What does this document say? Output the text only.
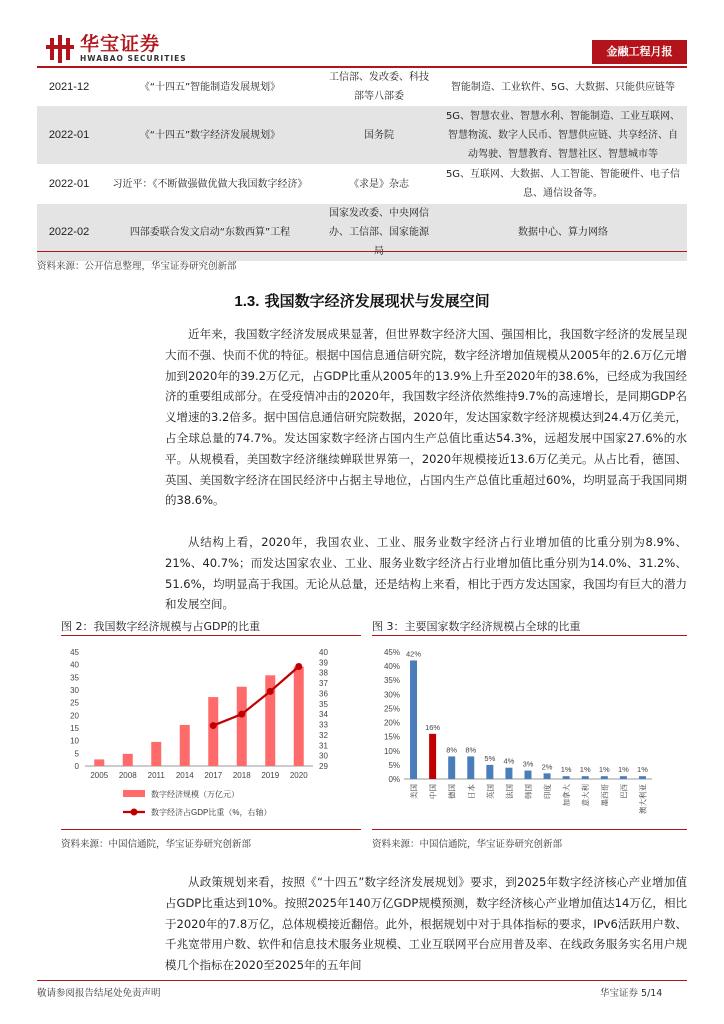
华宝证券
HWABAO SECURITIES
金融工程月报
2021-12	《“十四五”智能制造发展规划》	工信部、发改委、科技部等八部委	智能制造、工业软件、5G、大数据、只能供应链等
2022-01	《“十四五”数字经济发展规划》	国务院	5G、智慧农业、智慧水利、智能制造、工业互联网、智慧物流、数字人民币、智慧供应链、共享经济、自动驾驶、智慧教育、智慧社区、智慧城市等
2022-01	习近平：《不断做强做优做大我国数字经济》	《求是》杂志	5G、互联网、大数据、人工智能、智能硬件、电子信息、通信设备等。
2022-02	四部委联合发文启动“东数西算”工程	国家发改委、中央网信办、工信部、国家能源	数据中心、算力网络
资料来源：公开信息整理，华宝证券研究创新部
1.3. 我国数字经济发展现状与发展空间

近年来，我国数字经济发展成果显著，但世界数字经济大国、强国相比，我国数字经济的发展呈现大而不强、快而不优的特征。根据中国信息通信研究院，数字经济增加值规模从2005年的2.6万亿元增加到2020年的39.2万亿元，占GDP比重从2005年的13.9%上升至2020年的38.6%，已经成为我国经济的重要组成部分。在受疫情冲击的2020年，我国数字经济依然维持9.7%的高速增长，是同期GDP名义增速的3.2倍多。据中国信息通信研究院数据，2020年，发达国家数字经济规模达到24.4万亿美元，占全球总量的74.7%。发达国家数字经济占国内生产总值比重达54.3%，远超发展中国家27.6%的水平。从规模看，美国数字经济继续蝉联世界第一，2020年规模接近13.6万亿美元。从占比看，德国、英国、美国数字经济在国民经济中占据主导地位，占国内生产总值比重超过60%，均明显高于我国同期的38.6%。

从结构上看，2020年，我国农业、工业、服务业数字经济占行业增加值的比重分别为8.9%、21%、40.7%；而发达国家农业、工业、服务业数字经济占行业增加值比重分别为14.0%、31.2%、51.6%，均明显高于我国。无论从总量，还是结构上来看，相比于西方发达国家，我国均有巨大的潜力和发展空间。

图 2：我国数字经济规模与占GDP的比重	图 3：主要国家数字经济规模占全球的比重
0
5
10
15
20
25
30
35
40
45
29
30
31
32
33
34
35
36
37
38
39
40
2005 2008 2011 2014 2017 2018 2019 2020
数字经济规模（万亿元）
数字经济占GDP比重（%，右轴）
0%
5%
10%
15%
20%
25%
30%
35%
40%
45% 42%
美国
16%
中国
8%
德国
8%
日本
5%
英国
4%
法国
3%
韩国
2%
印度
1%
加拿大
1%
意大利
1%
墨西哥
1%
巴西
1%
澳大利亚
资料来源：中国信通院，华宝证券研究创新部	资料来源：中国信通院，华宝证券研究创新部

从政策规划来看，按照《“十四五”数字经济发展规划》要求，到2025年数字经济核心产业增加值占GDP比重达到10%。按照2025年140万亿GDP规模预测，数字经济核心产业增加值达14万亿，相比于2020年的7.8万亿，总体规模接近翻倍。此外，根据规划中对于具体指标的要求，IPv6活跃用户数、千兆宽带用户数、软件和信息技术服务业规模、工业互联网平台应用普及率、在线政务服务实名用户规模几个指标在2020至2025年的五年间

敬请参阅报告结尾处免责声明	华宝证券 5/14
